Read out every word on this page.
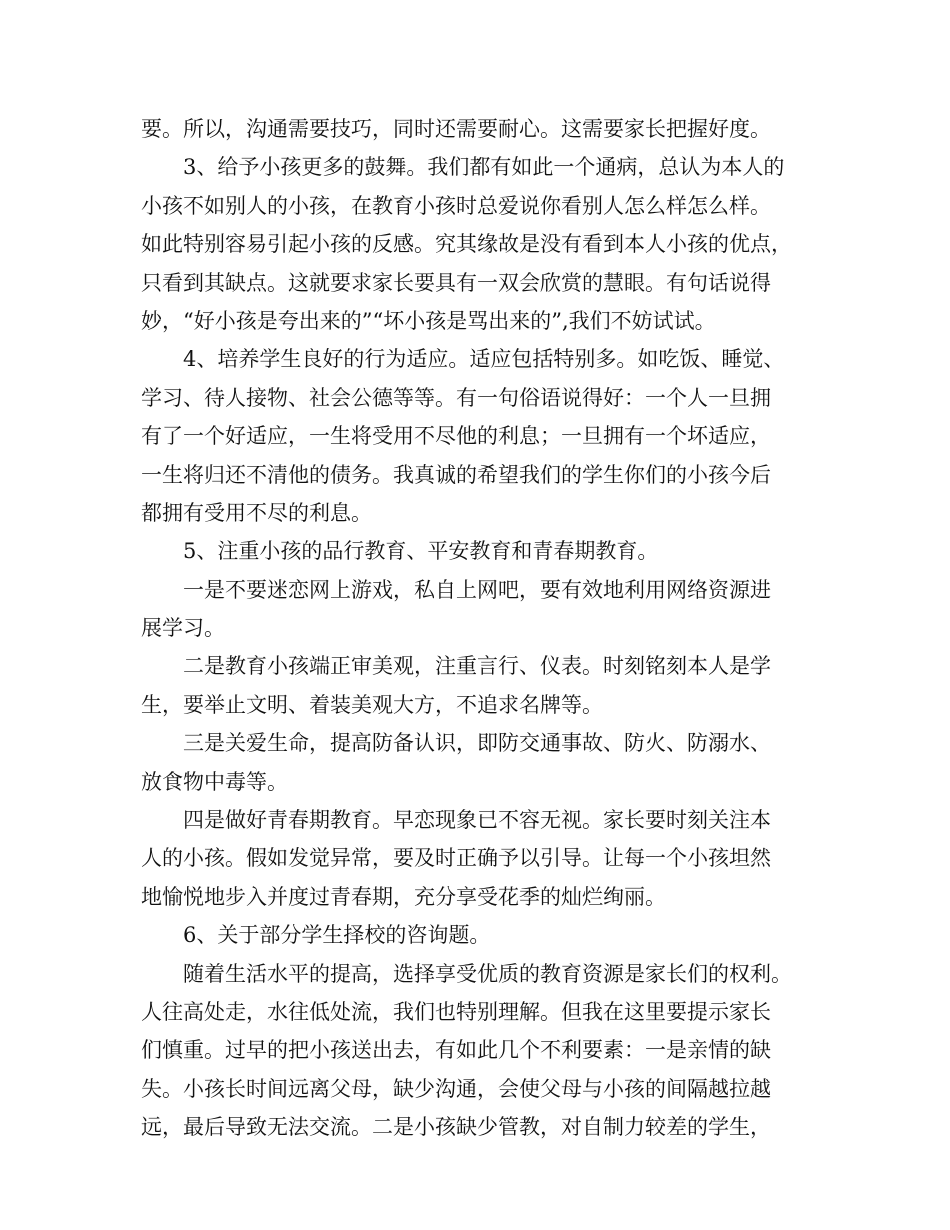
要。所以，沟通需要技巧，同时还需要耐心。这需要家长把握好度。
3、给予小孩更多的鼓舞。我们都有如此一个通病，总认为本人的
小孩不如别人的小孩，在教育小孩时总爱说你看别人怎么样怎么样。
如此特别容易引起小孩的反感。究其缘故是没有看到本人小孩的优点，
只看到其缺点。这就要求家长要具有一双会欣赏的慧眼。有句话说得
妙，“好小孩是夸出来的”“坏小孩是骂出来的”,我们不妨试试。
4、培养学生良好的行为适应。适应包括特别多。如吃饭、睡觉、
学习、待人接物、社会公德等等。有一句俗语说得好：一个人一旦拥
有了一个好适应，一生将受用不尽他的利息；一旦拥有一个坏适应，
一生将归还不清他的债务。我真诚的希望我们的学生你们的小孩今后
都拥有受用不尽的利息。
5、注重小孩的品行教育、平安教育和青春期教育。
一是不要迷恋网上游戏，私自上网吧，要有效地利用网络资源进
展学习。
二是教育小孩端正审美观，注重言行、仪表。时刻铭刻本人是学
生，要举止文明、着装美观大方，不追求名牌等。
三是关爱生命，提高防备认识，即防交通事故、防火、防溺水、
放食物中毒等。
四是做好青春期教育。早恋现象已不容无视。家长要时刻关注本
人的小孩。假如发觉异常，要及时正确予以引导。让每一个小孩坦然
地愉悦地步入并度过青春期，充分享受花季的灿烂绚丽。
6、关于部分学生择校的咨询题。
随着生活水平的提高，选择享受优质的教育资源是家长们的权利。
人往高处走，水往低处流，我们也特别理解。但我在这里要提示家长
们慎重。过早的把小孩送出去，有如此几个不利要素：一是亲情的缺
失。小孩长时间远离父母，缺少沟通，会使父母与小孩的间隔越拉越
远，最后导致无法交流。二是小孩缺少管教，对自制力较差的学生，
